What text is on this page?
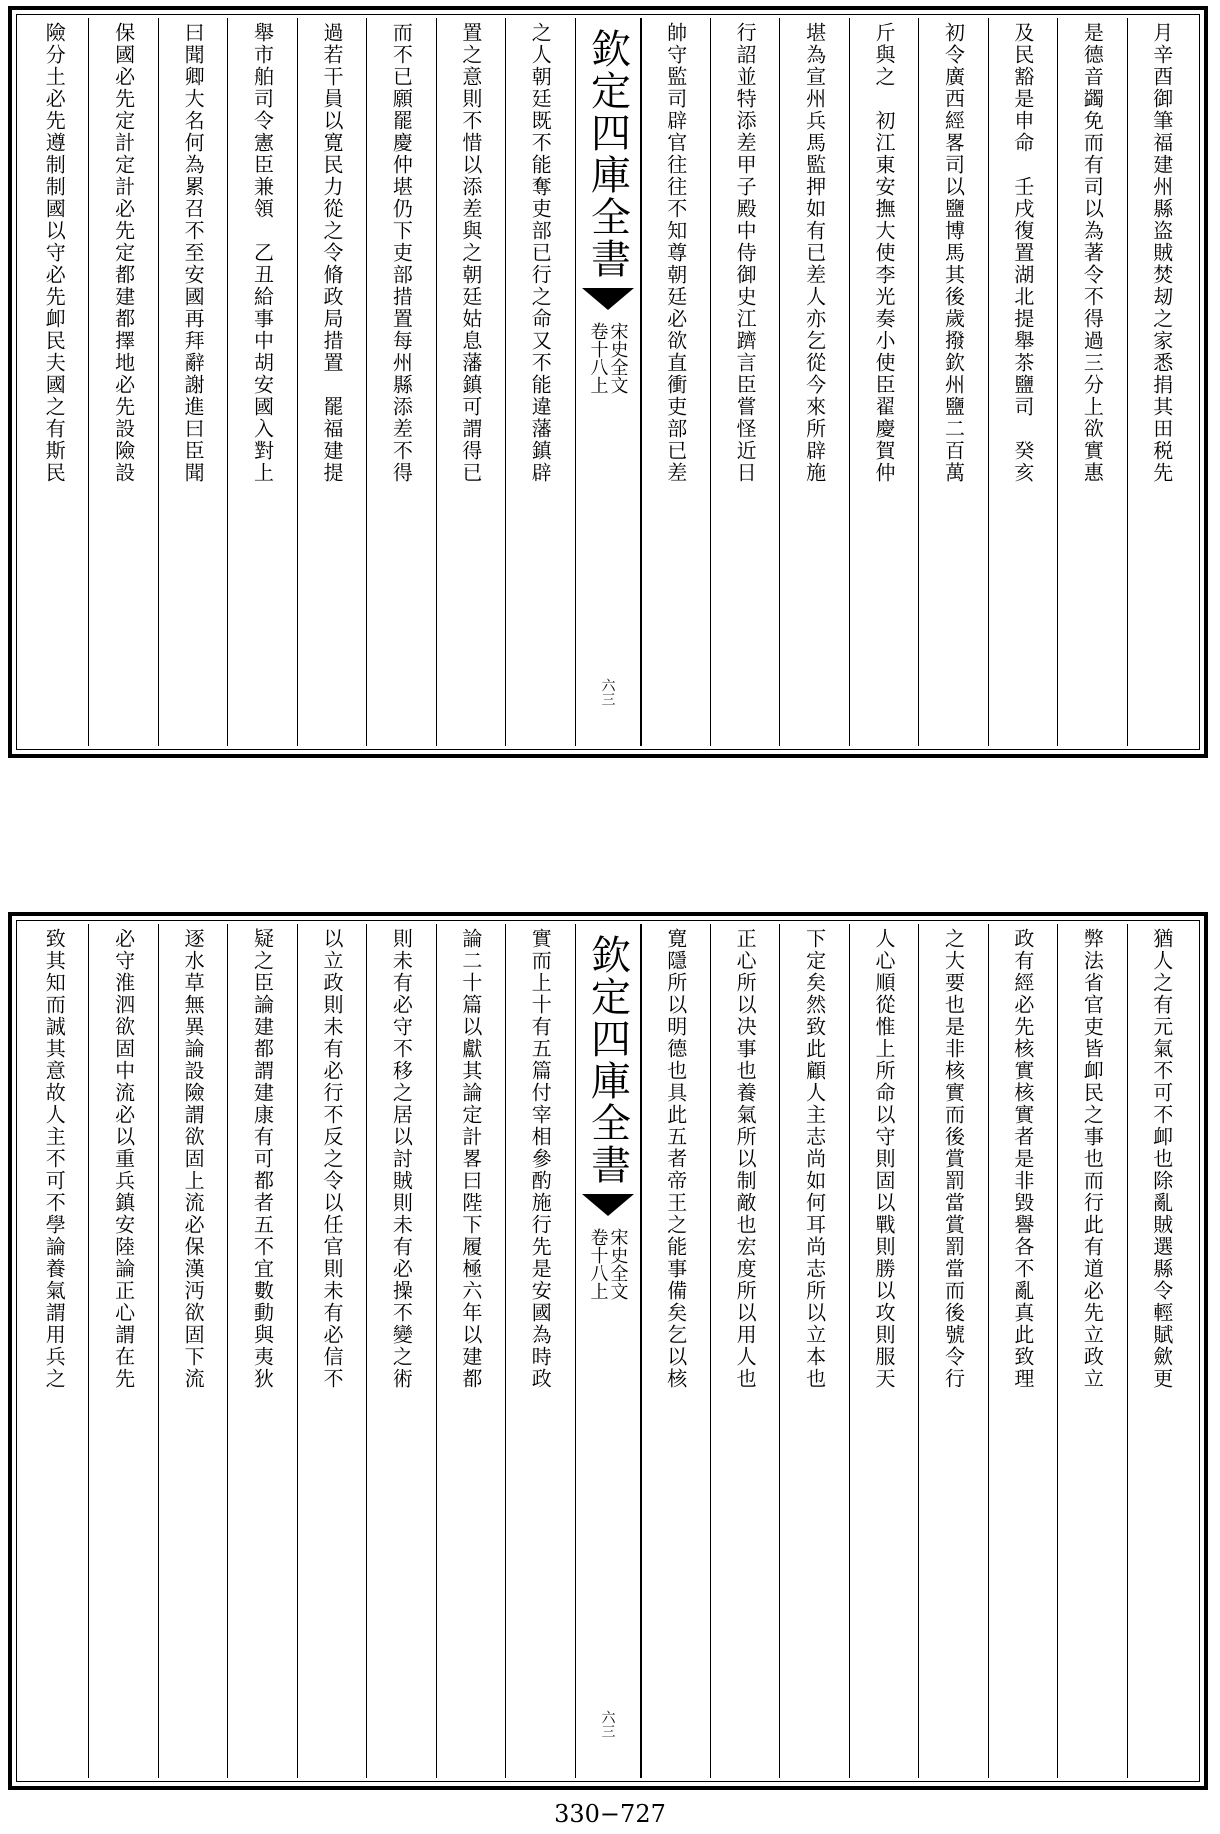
月辛酉御筆福建州縣盗賊焚刼之家悉捐其田税先
是德音蠲免而有司以為著令不得過三分上欲實惠
及民豁是申命　壬戌復置湖北提舉茶鹽司　癸亥
初令廣西經畧司以鹽博馬其後歲撥欽州鹽二百萬
斤與之　初江東安撫大使李光奏小使臣翟慶賀仲
堪為宣州兵馬監押如有已差人亦乞從今來所辟施
行詔並特添差甲子殿中侍御史江躋言臣嘗怪近日
帥守監司辟官往往不知尊朝廷必欲直衝吏部已差
欽定四庫全書
宋史全文
卷十八上
六三
之人朝廷既不能奪吏部已行之命又不能違藩鎮辟
置之意則不惜以添差與之朝廷姑息藩鎮可謂得已
而不已願罷慶仲堪仍下吏部措置每州縣添差不得
過若干員以寛民力從之令脩政局措置　罷福建提
舉市舶司令憲臣兼領　乙丑給事中胡安國入對上
曰聞卿大名何為累召不至安國再拜辭謝進曰臣聞
保國必先定計定計必先定都建都擇地必先設險設
險分土必先遵制制國以守必先卹民夫國之有斯民
猶人之有元氣不可不卹也除亂賊選縣令輕賦歛更
弊法省官吏皆卹民之事也而行此有道必先立政立
政有經必先核實核實者是非毀譽各不亂真此致理
之大要也是非核實而後賞罰當賞罰當而後號令行
人心順從惟上所命以守則固以戰則勝以攻則服天
下定矣然致此顧人主志尚如何耳尚志所以立本也
正心所以决事也養氣所以制敵也宏度所以用人也
寛隱所以明德也具此五者帝王之能事備矣乞以核
欽定四庫全書
宋史全文
卷十八上
六三
實而上十有五篇付宰相參酌施行先是安國為時政
論二十篇以獻其論定計畧曰陛下履極六年以建都
則未有必守不移之居以討賊則未有必操不變之術
以立政則未有必行不反之令以任官則未有必信不
疑之臣論建都謂建康有可都者五不宜數動與夷狄
逐水草無異論設險謂欲固上流必保漢沔欲固下流
必守淮泗欲固中流必以重兵鎮安陸論正心謂在先
致其知而誠其意故人主不可不學論養氣謂用兵之
330−727
